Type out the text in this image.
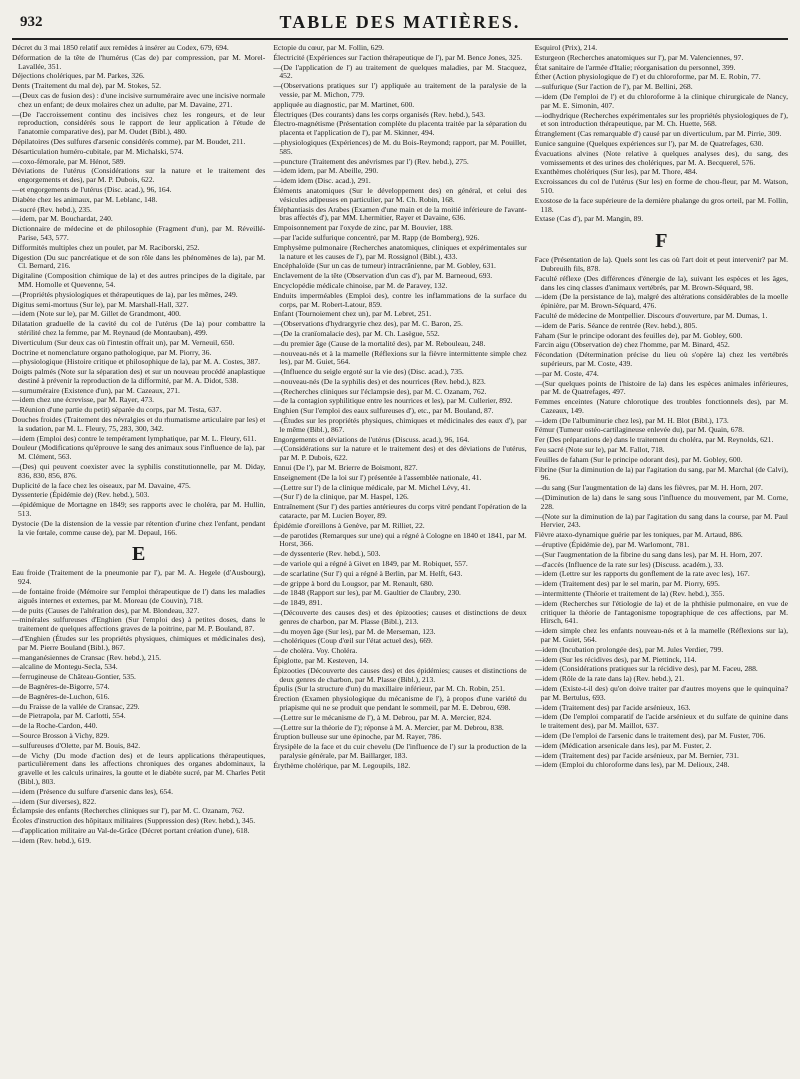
932	TABLE DES MATIÈRES.

Décret du 3 mai 1850 relatif aux remèdes à insérer au Codex, 679, 694.

Déformation de la tête de l'humérus (Cas de) par compression, par M. Morel-Lavallée, 351.

Déjections cholériques, par M. Parkes, 326.

Dents (Traitement du mal de), par M. Stokes, 52.

—(Deux cas de fusion des) : d'une incisive surnuméraire avec une incisive normale chez un enfant; de deux molaires chez un adulte, par M. Davaine, 271.

—(De l'accroissement continu des incisives chez les rongeurs, et de leur reproduction, considérés sous le rapport de leur application à l'étude de l'anatomie comparative des), par M. Oudet (Bibl.), 480.

Dépilatoires (Des sulfures d'arsenic considérés comme), par M. Boudet, 211.

Désarticulation huméro-cubitale, par M. Michalski, 574.

—coxo-fémorale, par M. Hénot, 589.

Déviations de l'utérus (Considérations sur la nature et le traitement des engorgements et des), par M. P. Dubois, 622.

—et engorgements de l'utérus (Disc. acad.), 96, 164.

Diabète chez les animaux, par M. Leblanc, 148.

—sucré (Rev. hebd.), 235.

—idem, par M. Bouchardat, 240.

Dictionnaire de médecine et de philosophie (Fragment d'un), par M. Réveillé-Parise, 543, 577.

Difformités multiples chez un poulet, par M. Raciborski, 252.

Digestion (Du suc pancréatique et de son rôle dans les phénomènes de la), par M. Cl. Bernard, 216.

Digitaline (Composition chimique de la) et des autres principes de la digitale, par MM. Homolle et Quevenne, 54.

—(Propriétés physiologiques et thérapeutiques de la), par les mêmes, 249.

Digitus semi-mortuus (Sur le), par M. Marshall-Hall, 327.

—idem (Note sur le), par M. Gillet de Grandmont, 400.

Dilatation graduelle de la cavité du col de l'utérus (De la) pour combattre la stérilité chez la femme, par M. Reynaud (de Montauban), 499.

Diverticulum (Sur deux cas où l'intestin offrait un), par M. Verneuil, 650.

Doctrine et nomenclature organo pathologique, par M. Piorry, 36.

—physiologique (Histoire critique et philosophique de la), par M. A. Costes, 387.

Doigts palmés (Note sur la séparation des) et sur un nouveau procédé anaplastique destiné à prévenir la reproduction de la difformité, par M. A. Didot, 538.

—surnuméraire (Existence d'un), par M. Cazeaux, 271.

—idem chez une écrevisse, par M. Rayer, 473.

—Réunion d'une partie du petit) séparée du corps, par M. Testa, 637.

Douches froides (Traitement des névralgies et du rhumatisme articulaire par les) et la sudation, par M. L. Fleury, 75, 283, 300, 342.

—idem (Emploi des) contre le tempérament lymphatique, par M. L. Fleury, 611.

Douleur (Modifications qu'éprouve le sang des animaux sous l'influence de la), par M. Clément, 563.

—(Des) qui peuvent coexister avec la syphilis constitutionnelle, par M. Diday, 836, 830, 856, 876.

Duplicité de la face chez les oiseaux, par M. Davaine, 475.

Dyssenterie (Épidémie de) (Rev. hebd.), 503.

—épidémique de Mortagne en 1849; ses rapports avec le choléra, par M. Hullin, 513.

Dystocie (De la distension de la vessie par rétention d'urine chez l'enfant, pendant la vie fœtale, comme cause de), par M. Depaul, 166.

E

Eau froide (Traitement de la pneumonie par l'), par M. A. Hegele (d'Ausbourg), 924.

—de fontaine froide (Mémoire sur l'emploi thérapeutique de l') dans les maladies aiguës internes et externes, par M. Moreau (de Couvin), 718.

—de puits (Causes de l'altération des), par M. Blondeau, 327.

—minérales sulfureuses d'Enghien (Sur l'emploi des) à petites doses, dans le traitement de quelques affections graves de la poitrine, par M. P. Bouland, 87.

—d'Enghien (Études sur les propriétés physiques, chimiques et médicinales des), par M. Pierre Bouland (Bibl.), 867.

—manganésiennes de Cransac (Rev. hebd.), 215.

—alcaline de Montegu-Secla, 534.

—ferrugineuse de Château-Gontier, 535.

—de Bagnères-de-Bigorre, 574.

—de Bagnères-de-Luchon, 616.

—du Fraisse de la vallée de Cransac, 229.

—de Pietrapola, par M. Carlotti, 554.

—de la Roche-Cardon, 440.

—Source Brosson à Vichy, 829.

—sulfureuses d'Olette, par M. Bouis, 842.

—de Vichy (Du mode d'action des) et de leurs applications thérapeutiques, particulièrement dans les affections chroniques des organes abdominaux, la gravelle et les calculs urinaires, la goutte et le diabète sucré, par M. Charles Petit (Bibl.), 803.

—idem (Présence du sulfure d'arsenic dans les), 654.

—idem (Sur diverses), 822.

Éclampsie des enfants (Recherches cliniques sur l'), par M. C. Ozanam, 762.

Écoles d'instruction des hôpitaux militaires (Suppression des) (Rev. hebd.), 345.

—d'application militaire au Val-de-Grâce (Décret portant création d'une), 618.

—idem (Rev. hebd.), 619.

Ectopie du cœur, par M. Follin, 629.

Électricité (Expériences sur l'action thérapeutique de l'), par M. Bence Jones, 325.

—(De l'application de l') au traitement de quelques maladies, par M. Stacquez, 452.

—(Observations pratiques sur l') appliquée au traitement de la paralysie de la vessie, par M. Michon, 779.

appliquée au diagnostic, par M. Martinet, 600.

Électriques (Des courants) dans les corps organisés (Rev. hebd.), 543.

Électro-magnétisme (Présentation complète du placenta traitée par la séparation du placenta et l'application de l'), par M. Skinner, 494.

—physiologiques (Expériences) de M. du Bois-Reymond; rapport, par M. Pouillet, 585.

—puncture (Traitement des anévrismes par l') (Rev. hebd.), 275.

—idem idem, par M. Abeille, 290.

—idem idem (Disc. acad.), 291.

Éléments anatomiques (Sur le développement des) en général, et celui des vésicules adipeuses en particulier, par M. Ch. Robin, 168.

Éléphantiasis des Arabes (Examen d'une main et de la moitié inférieure de l'avant-bras affectés d'), par MM. Lhermitier, Rayer et Davaine, 636.

Empoisonnement par l'oxyde de zinc, par M. Bouvier, 188.

—par l'acide sulfurique concentré, par M. Rapp (de Bomberg), 926.

Emphysème pulmonaire (Recherches anatomiques, cliniques et expérimentales sur la nature et les causes de l'), par M. Rossignol (Bibl.), 433.

Encéphaloïde (Sur un cas de tumeur) intracrânienne, par M. Gobley, 631.

Enclavement de la tête (Observation d'un cas d'), par M. Barneoud, 693.

Encyclopédie médicale chinoise, par M. de Paravey, 132.

Enduits imperméables (Emploi des), contre les inflammations de la surface du corps, par M. Robert-Latour, 859.

Enfant (Tournoiement chez un), par M. Lebret, 251.

—(Observations d'hydrargyrie chez des), par M. C. Baron, 25.

—(De la cranïomalacie des), par M. Ch. Lasègue, 552.

—du premier âge (Cause de la mortalité des), par M. Rebouleau, 248.

—nouveau-nés et à la mamelle (Réflexions sur la fièvre intermittente simple chez les), par M. Guiet, 564.

—(Influence du seigle ergoté sur la vie des) (Disc. acad.), 735.

—nouveau-nés (De la syphilis des) et des nourrices (Rev. hebd.), 823.

—(Recherches cliniques sur l'éclampsie des), par M. C. Ozanam, 762.

—de la contagion syphilitique entre les nourrices et les), par M. Cullerier, 892.

Enghien (Sur l'emploi des eaux sulfureuses d'), etc., par M. Bouland, 87.

—(Études sur les propriétés physiques, chimiques et médicinales des eaux d'), par le même (Bibl.), 867.

Engorgements et déviations de l'utérus (Discuss. acad.), 96, 164.

—(Considérations sur la nature et le traitement des) et des déviations de l'utérus, par M. P. Dubois, 622.

Ennui (De l'), par M. Brierre de Boismont, 827.

Enseignement (De la loi sur l') présentée à l'assemblée nationale, 41.

—(Lettre sur l') de la clinique médicale, par M. Michel Lévy, 41.

—(Sur l') de la clinique, par M. Haspel, 126.

Entraînement (Sur l') des parties antérieures du corps vitré pendant l'opération de la cataracte, par M. Lucien Boyer, 89.

Épidémie d'oreillons à Genève, par M. Rilliet, 22.

—de parotides (Remarques sur une) qui a régné à Cologne en 1840 et 1841, par M. Horst, 366.

—de dyssenterie (Rev. hebd.), 503.

—de variole qui a régné à Givet en 1849, par M. Robiquet, 557.

—de scarlatine (Sur l') qui a régné à Berlin, par M. Helft, 643.

—de grippe à bord du Lougsor, par M. Renault, 680.

—de 1848 (Rapport sur les), par M. Gaultier de Claubry, 230.

—de 1849, 891.

—(Découverte des causes des) et des épizooties; causes et distinctions de deux genres de charbon, par M. Plasse (Bibl.), 213.

—du moyen âge (Sur les), par M. de Merseman, 123.

—cholériques (Coup d'œil sur l'état actuel des), 669.

—de choléra. Voy. Choléra.

Épiglotte, par M. Kesteven, 14.

Épizooties (Découverte des causes des) et des épidémies; causes et distinctions de deux genres de charbon, par M. Plasse (Bibl.), 213.

Épulis (Sur la structure d'un) du maxillaire inférieur, par M. Ch. Robin, 251.

Érection (Examen physiologique du mécanisme de l'), à propos d'une variété du priapisme qui ne se produit que pendant le sommeil, par M. E. Debrou, 698.

—(Lettre sur le mécanisme de l'), à M. Debrou, par M. A. Mercier, 824.

—(Lettre sur la théorie de l'); réponse à M. A. Mercier, par M. Debrou, 838.

Éruption bulleuse sur une épinoche, par M. Rayer, 786.

Érysipèle de la face et du cuir chevelu (De l'influence de l') sur la production de la paralysie générale, par M. Baillarger, 183.

Érythème cholérique, par M. Legoupils, 182.

Esquirol (Prix), 214.

Esturgeon (Recherches anatomiques sur l'), par M. Valenciennes, 97.

État sanitaire de l'armée d'Italie; réorganisation du personnel, 399.

Éther (Action physiologique de l') et du chloroforme, par M. E. Robin, 77.

—sulfurique (Sur l'action de l'), par M. Bellini, 268.

—idem (De l'emploi de l') et du chloroforme à la clinique chirurgicale de Nancy, par M. E. Simonin, 407.

—iodhydrique (Recherches expérimentales sur les propriétés physiologiques de l'), et son introduction thérapeutique, par M. Ch. Huette, 568.

Étranglement (Cas remarquable d') causé par un diverticulum, par M. Pirrie, 309.

Eunice sanguine (Quelques expériences sur l'), par M. de Quatrefages, 630.

Évacuations alvines (Note relative à quelques analyses des), du sang, des vomissements et des urines des cholériques, par M. A. Becquerel, 576.

Exanthèmes cholériques (Sur les), par M. Thore, 484.

Excroissances du col de l'utérus (Sur les) en forme de chou-fleur, par M. Watson, 510.

Exostose de la face supérieure de la dernière phalange du gros orteil, par M. Follin, 118.

Extase (Cas d'), par M. Mangin, 89.

F

Face (Présentation de la). Quels sont les cas où l'art doit et peut intervenir? par M. Dubreuilh fils, 878.

Faculté réflexe (Des différences d'énergie de la), suivant les espèces et les âges, dans les cinq classes d'animaux vertébrés, par M. Brown-Séquard, 98.

—idem (De la persistance de la), malgré des altérations considérables de la moelle épinière, par M. Brown-Séquard, 476.

Faculté de médecine de Montpellier. Discours d'ouverture, par M. Dumas, 1.

—idem de Paris. Séance de rentrée (Rev. hebd.), 805.

Faham (Sur le principe odorant des feuilles de), par M. Gobley, 600.

Farcin aigu (Observation de) chez l'homme, par M. Binard, 452.

Fécondation (Détermination précise du lieu où s'opère la) chez les vertébrés supérieurs, par M. Coste, 439.

—par M. Coste, 474.

—(Sur quelques points de l'histoire de la) dans les espèces animales inférieures, par M. de Quatrefages, 497.

Femmes enceintes (Nature chlorotique des troubles fonctionnels des), par M. Cazeaux, 149.

—idem (De l'albuminurie chez les), par M. H. Blot (Bibl.), 173.

Fémur (Tumeur ostéo-cartilagineuse enlevée du), par M. Quain, 678.

Fer (Des préparations de) dans le traitement du choléra, par M. Reynolds, 621.

Feu sacré (Note sur le), par M. Fallot, 718.

Feuilles de faham (Sur le principe odorant des), par M. Gobley, 600.

Fibrine (Sur la diminution de la) par l'agitation du sang, par M. Marchal (de Calvi), 96.

—du sang (Sur l'augmentation de la) dans les fièvres, par M. H. Horn, 207.

—(Diminution de la) dans le sang sous l'influence du mouvement, par M. Corne, 228.

—(Note sur la diminution de la) par l'agitation du sang dans la course, par M. Paul Hervier, 243.

Fièvre ataxo-dynamique guérie par les toniques, par M. Artaud, 886.

—éruptive (Épidémie de), par M. Warlomont, 781.

—(Sur l'augmentation de la fibrine du sang dans les), par M. H. Horn, 207.

—d'accès (Influence de la rate sur les) (Discuss. académ.), 33.

—idem (Lettre sur les rapports du gonflement de la rate avec les), 167.

—idem (Traitement des) par le sel marin, par M. Piorry, 695.

—intermittente (Théorie et traitement de la) (Rev. hebd.), 355.

—idem (Recherches sur l'étiologie de la) et de la phthisie pulmonaire, en vue de critiquer la théorie de l'antagonisme topographique de ces affections, par M. Hirsch, 641.

—idem simple chez les enfants nouveau-nés et à la mamelle (Réflexions sur la), par M. Guiet, 564.

—idem (Incubation prolongée des), par M. Jules Verdier, 799.

—idem (Sur les récidives des), par M. Piettinck, 114.

—idem (Considérations pratiques sur la récidive des), par M. Faceu, 288.

—idem (Rôle de la rate dans la) (Rev. hebd.), 21.

—idem (Existe-t-il des) qu'on doive traiter par d'autres moyens que le quinquina? par M. Bertulus, 693.

—idem (Traitement des) par l'acide arsénieux, 163.

—idem (De l'emploi comparatif de l'acide arsénieux et du sulfate de quinine dans le traitement des), par M. Maillot, 637.

—idem (De l'emploi de l'arsenic dans le traitement des), par M. Fuster, 706.

—idem (Médication arsenicale dans les), par M. Fuster, 2.

—idem (Traitement des) par l'acide arsénieux, par M. Bernier, 731.

—idem (Emploi du chloroforme dans les), par M. Delioux, 248.
